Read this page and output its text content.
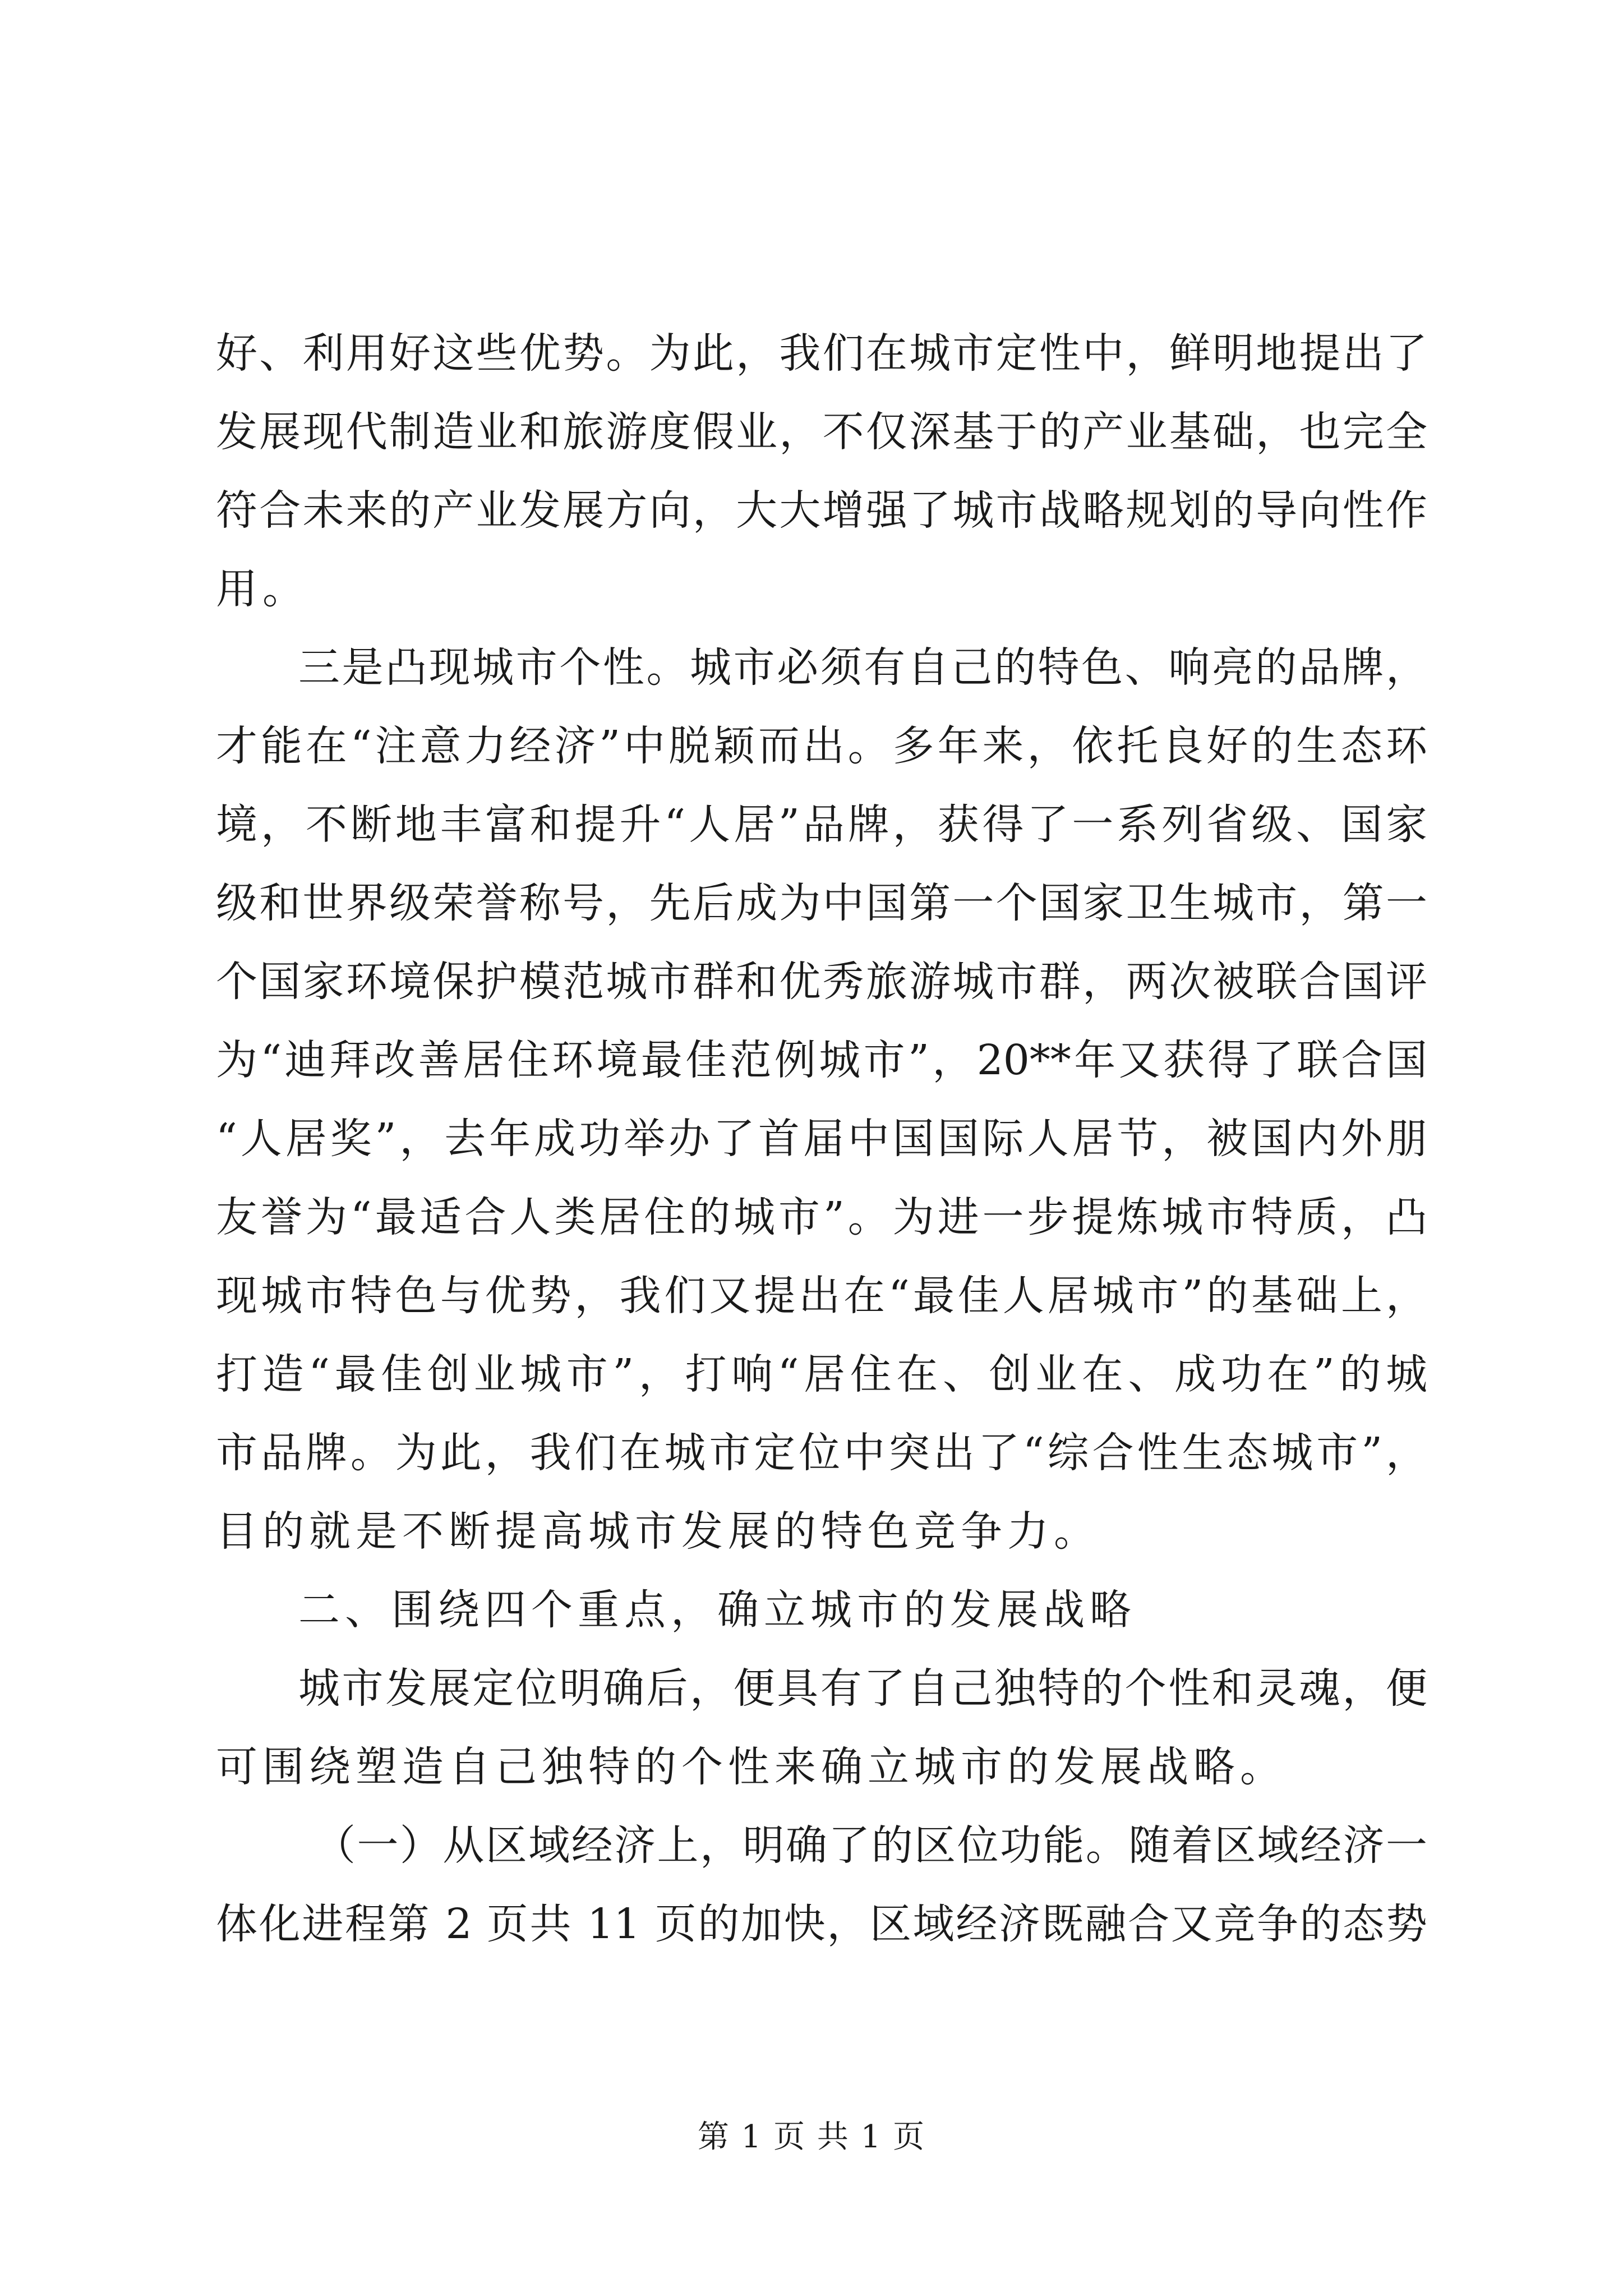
好、利用好这些优势。为此，我们在城市定性中，鲜明地提出了
发展现代制造业和旅游度假业，不仅深基于的产业基础，也完全
符合未来的产业发展方向，大大增强了城市战略规划的导向性作
用。
三是凸现城市个性。城市必须有自己的特色、响亮的品牌，
才能在“注意力经济”中脱颖而出。多年来，依托良好的生态环
境，不断地丰富和提升“人居”品牌，获得了一系列省级、国家
级和世界级荣誉称号，先后成为中国第一个国家卫生城市，第一
个国家环境保护模范城市群和优秀旅游城市群，两次被联合国评
为“迪拜改善居住环境最佳范例城市”，20**年又获得了联合国
“人居奖”，去年成功举办了首届中国国际人居节，被国内外朋
友誉为“最适合人类居住的城市”。为进一步提炼城市特质，凸
现城市特色与优势，我们又提出在“最佳人居城市”的基础上，
打造“最佳创业城市”，打响“居住在、创业在、成功在”的城
市品牌。为此，我们在城市定位中突出了“综合性生态城市”，
目的就是不断提高城市发展的特色竞争力。
二、围绕四个重点，确立城市的发展战略
城市发展定位明确后，便具有了自己独特的个性和灵魂，便
可围绕塑造自己独特的个性来确立城市的发展战略。
（一）从区域经济上，明确了的区位功能。随着区域经济一
体化进程第 2 页共 11 页的加快，区域经济既融合又竞争的态势
第 1 页 共 1 页
